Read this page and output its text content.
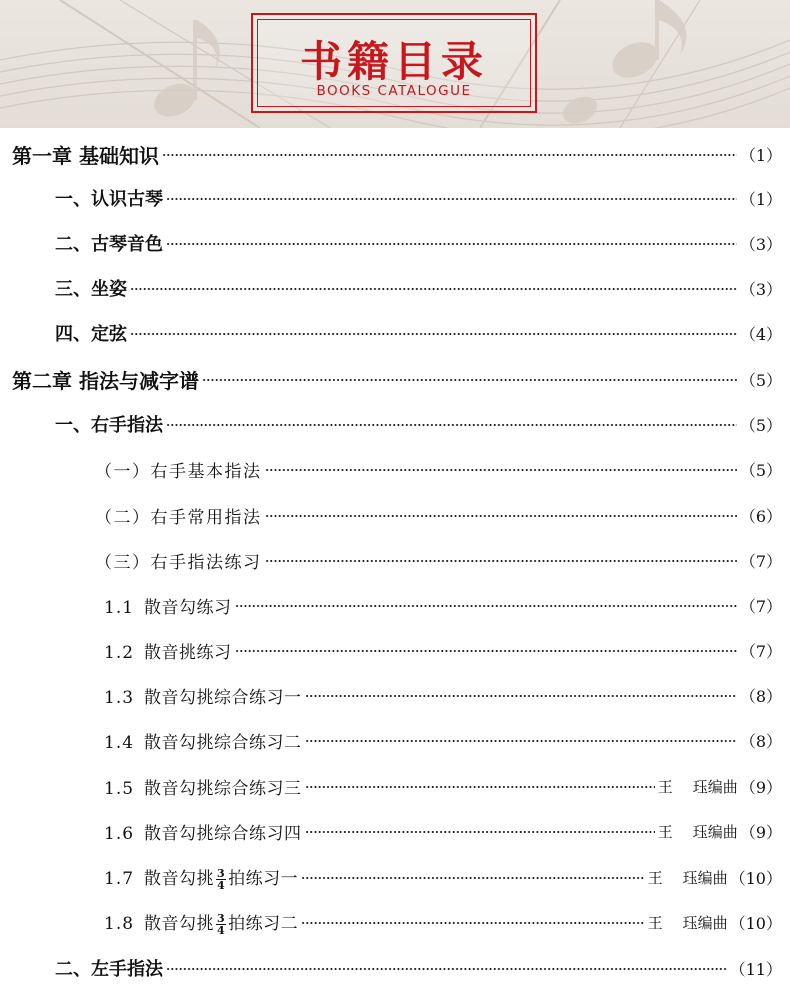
书籍目录
BOOKS CATALOGUE
第一章 基础知识	（1）
一、认识古琴	（1）
二、古琴音色	（3）
三、坐姿	（3）
四、定弦	（4）
第二章 指法与减字谱	（5）
一、右手指法	（5）
（一）右手基本指法	（5）
（二）右手常用指法	（6）
（三）右手指法练习	（7）
1.1 散音勾练习	（7）
1.2 散音挑练习	（7）
1.3 散音勾挑综合练习一	（8）
1.4 散音勾挑综合练习二	（8）
1.5 散音勾挑综合练习三	王 珏编曲 （9）
1.6 散音勾挑综合练习四	王 珏编曲 （9）
1.7 散音勾挑 $\frac{3}{4}$ 拍练习一	王 珏编曲 （10）
1.8 散音勾挑 $\frac{3}{4}$ 拍练习二	王 珏编曲 （10）
二、左手指法	（11）
